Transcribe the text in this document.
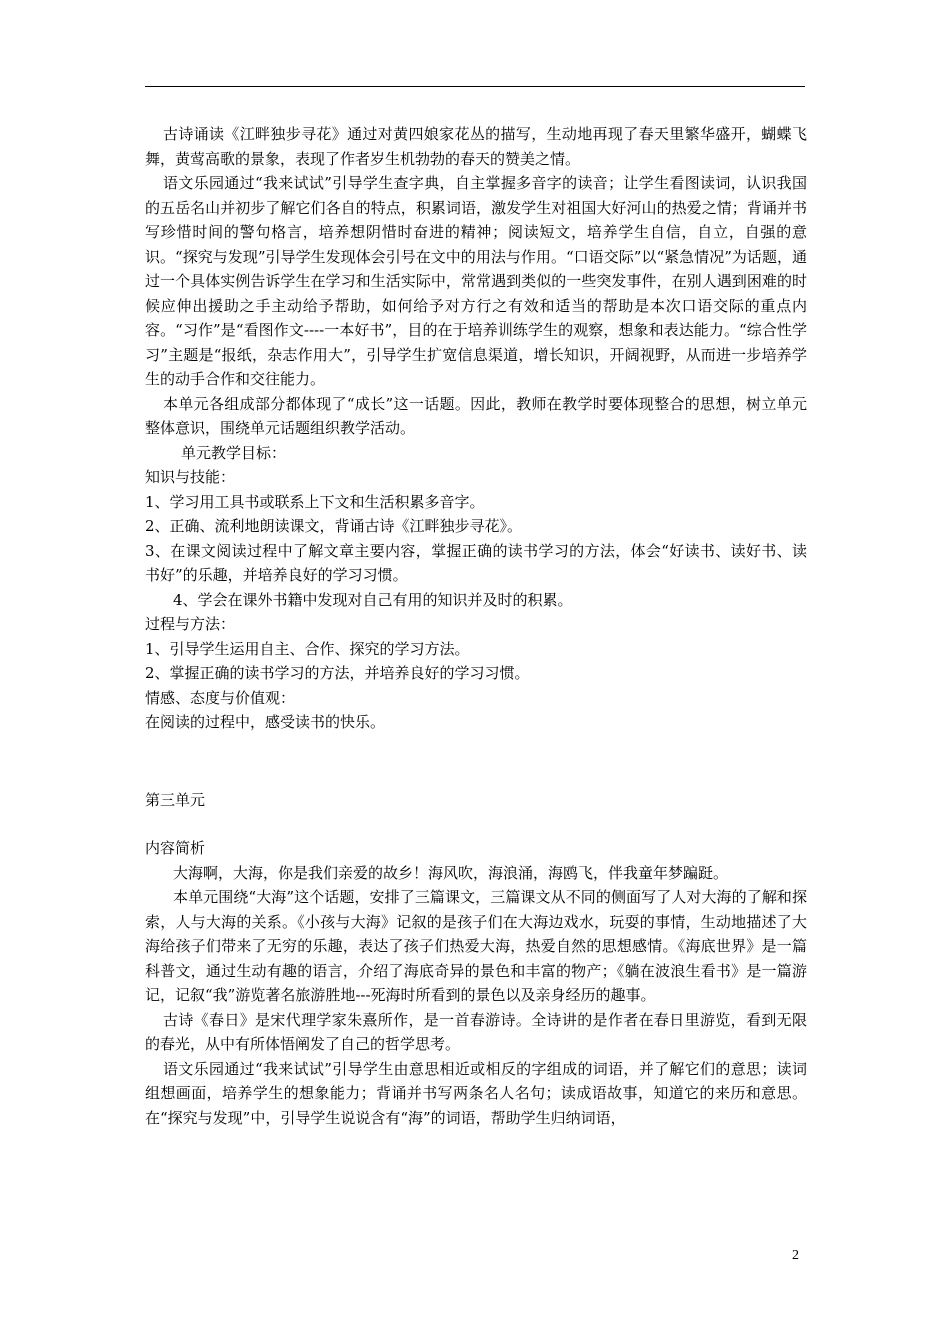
古诗诵读《江畔独步寻花》通过对黄四娘家花丛的描写，生动地再现了春天里繁华盛开，蝴蝶飞舞，黄莺高歌的景象，表现了作者岁生机勃勃的春天的赞美之情。

语文乐园通过“我来试试”引导学生查字典，自主掌握多音字的读音；让学生看图读词，认识我国的五岳名山并初步了解它们各自的特点，积累词语，激发学生对祖国大好河山的热爱之情；背诵并书写珍惜时间的警句格言，培养想阴惜时奋进的精神；阅读短文，培养学生自信，自立，自强的意识。“探究与发现”引导学生发现体会引号在文中的用法与作用。“口语交际”以“紧急情况”为话题，通过一个具体实例告诉学生在学习和生活实际中，常常遇到类似的一些突发事件，在别人遇到困难的时候应伸出援助之手主动给予帮助，如何给予对方行之有效和适当的帮助是本次口语交际的重点内容。“习作”是“看图作文----一本好书”，目的在于培养训练学生的观察，想象和表达能力。“综合性学习”主题是“报纸，杂志作用大”，引导学生扩宽信息渠道，增长知识，开阔视野，从而进一步培养学生的动手合作和交往能力。

本单元各组成部分都体现了“成长”这一话题。因此，教师在教学时要体现整合的思想，树立单元整体意识，围绕单元话题组织教学活动。

单元教学目标：

知识与技能：

1、学习用工具书或联系上下文和生活积累多音字。

2、正确、流利地朗读课文，背诵古诗《江畔独步寻花》。

3、在课文阅读过程中了解文章主要内容，掌握正确的读书学习的方法，体会“好读书、读好书、读书好”的乐趣，并培养良好的学习习惯。

4、学会在课外书籍中发现对自己有用的知识并及时的积累。

过程与方法：

1、引导学生运用自主、合作、探究的学习方法。

2、掌握正确的读书学习的方法，并培养良好的学习习惯。

情感、态度与价值观：

在阅读的过程中，感受读书的快乐。

第三单元

内容简析

大海啊，大海，你是我们亲爱的故乡！海风吹，海浪涌，海鸥飞，伴我童年梦蹁跹。

本单元围绕“大海”这个话题，安排了三篇课文，三篇课文从不同的侧面写了人对大海的了解和探索，人与大海的关系。《小孩与大海》记叙的是孩子们在大海边戏水，玩耍的事情，生动地描述了大海给孩子们带来了无穷的乐趣，表达了孩子们热爱大海，热爱自然的思想感情。《海底世界》是一篇科普文，通过生动有趣的语言，介绍了海底奇异的景色和丰富的物产；《躺在波浪生看书》是一篇游记，记叙“我”游览著名旅游胜地---死海时所看到的景色以及亲身经历的趣事。

古诗《春日》是宋代理学家朱熹所作，是一首春游诗。全诗讲的是作者在春日里游览，看到无限的春光，从中有所体悟阐发了自己的哲学思考。

语文乐园通过“我来试试”引导学生由意思相近或相反的字组成的词语，并了解它们的意思；读词组想画面，培养学生的想象能力；背诵并书写两条名人名句；读成语故事，知道它的来历和意思。在“探究与发现”中，引导学生说说含有“海”的词语，帮助学生归纳词语，

2
